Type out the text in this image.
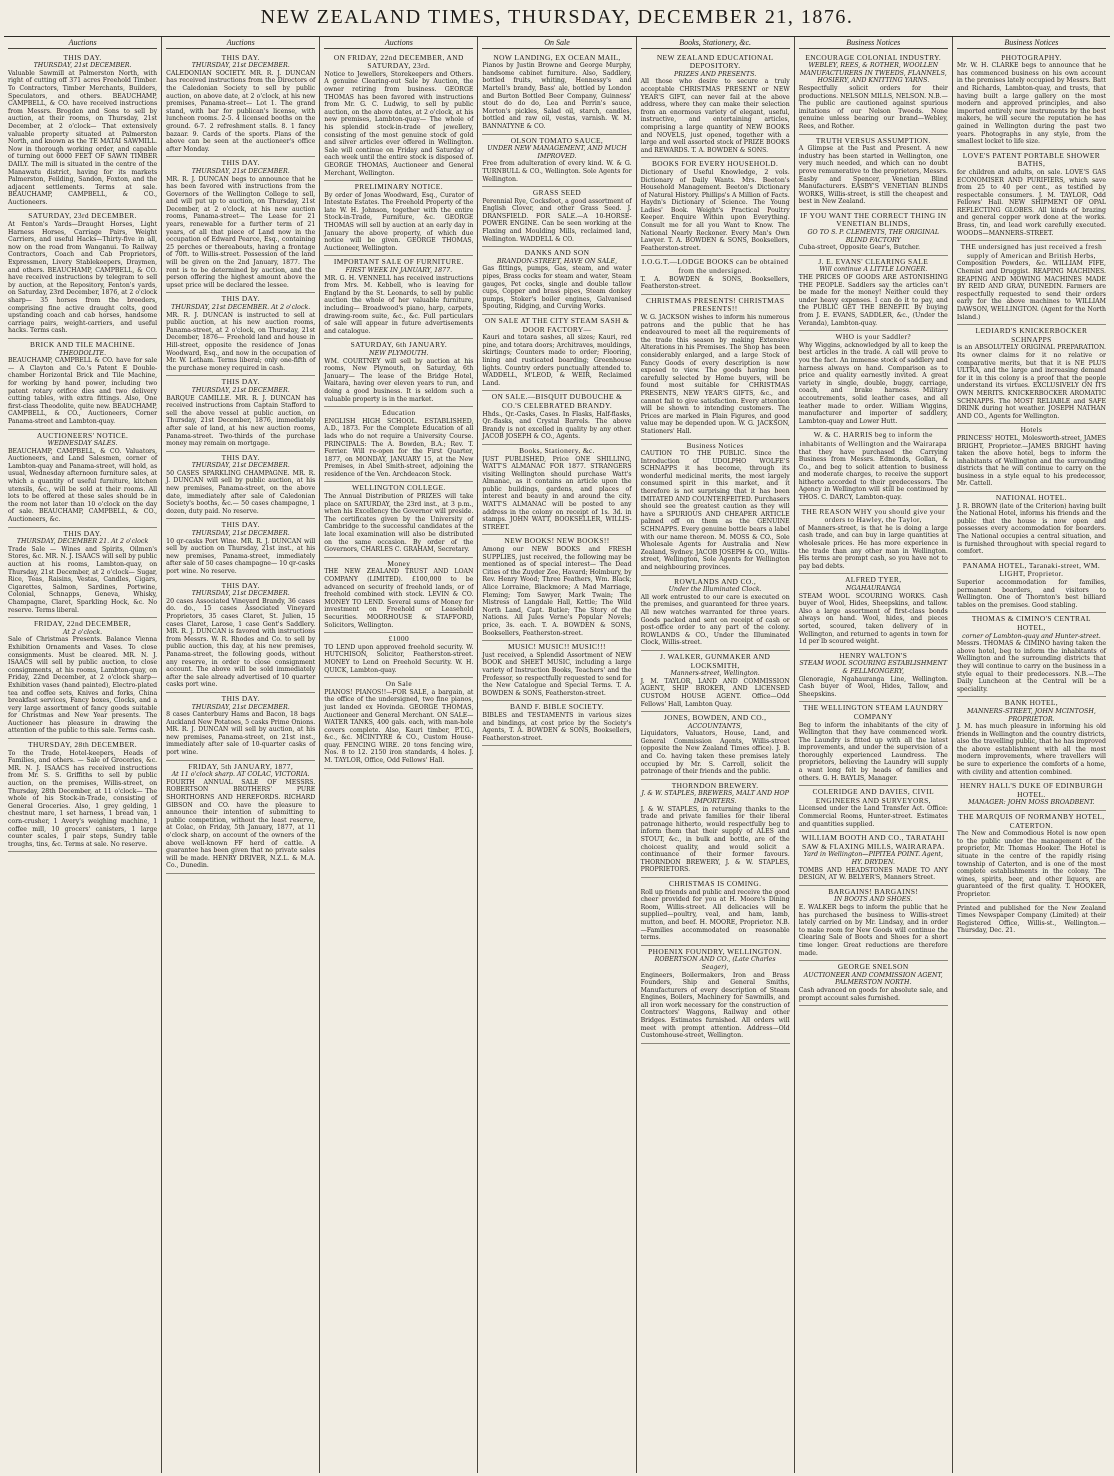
NEW ZEALAND TIMES, THURSDAY, DECEMBER 21, 1876.
Auctions
THIS DAY.
THURSDAY, 21st DECEMBER.
Valuable Sawmill at Palmerston North, with right of cutting off 371 acres Freehold Timber. To Contractors, Timber Merchants, Builders, Speculators, and others. BEAUCHAMP, CAMPBELL, & CO. have received instructions from Messrs. Brogden and Sons to sell by auction, at their rooms, on Thursday, 21st December, at 2 o'clock— That extensively valuable property situated at Palmerston North, and known as the TE MATAI SAWMILL. Now in thorough working order, and capable of turning out 6000 FEET OF SAWN TIMBER DAILY. The mill is situated in the centre of the Manawatu district, having for its markets Palmerston, Feilding, Sandon, Foxton, and the adjacent settlements. Terms at sale. BEAUCHAMP, CAMPBELL, & CO., Auctioneers.
SATURDAY, 23rd DECEMBER.
At Fenton's Yards—Draught Horses, Light Harness Horses, Carriage Pairs, Weight Carriers, and useful Hacks—Thirty-five in all, now on the road from Wanganui. To Railway Contractors, Coach and Cab Proprietors, Expressmen, Livery Stablekeepers, Draymen, and others. BEAUCHAMP, CAMPBELL, & CO. have received instructions by telegram to sell by auction, at the Repository, Fenton's yards, on Saturday, 23rd December, 1876, at 2 o'clock sharp— 35 horses from the breeders, comprising fine active draught colts, good upstanding coach and cab horses, handsome carriage pairs, weight-carriers, and useful hacks. Terms cash.
BRICK AND TILE MACHINE.
THEODOLITE.
BEAUCHAMP, CAMPBELL & CO. have for sale— A Clayton and Co.'s Patent E Double-chamber Horizontal Brick and Tile Machine, for working by hand power, including two patent rotary orifice dies and two delivery cutting tables, with extra fittings. Also, One first-class Theodolite, quite new. BEAUCHAMP, CAMPBELL, & CO., Auctioneers, Corner Panama-street and Lambton-quay.
AUCTIONEERS' NOTICE.
WEDNESDAY SALES.
BEAUCHAMP, CAMPBELL, & CO. Valuators, Auctioneers, and Land Salesmen, corner of Lambton-quay and Panama-street, will hold, as usual, Wednesday afternoon furniture sales, at which a quantity of useful furniture, kitchen utensils, &c., will be sold at their rooms. All lots to be offered at these sales should be in the room not later than 10 o'clock on the day of sale. BEAUCHAMP, CAMPBELL, & CO., Auctioneers, &c.
THIS DAY.
THURSDAY, DECEMBER 21. At 2 o'clock
Trade Sale — Wines and Spirits, Oilmen's Stores, &c. MR. N. J. ISAACS will sell by public auction at his rooms, Lambton-quay, on Thursday, 21st December, at 2 o'clock— Sugar, Rice, Teas, Raisins, Vestas, Candles, Cigars, Cigarettes, Salmon, Sardines, Portwine, Colonial, Schnapps, Geneva, Whisky, Champagne, Claret, Sparkling Hock, &c. No reserve. Terms liberal.
FRIDAY, 22nd DECEMBER,
At 2 o'clock.
Sale of Christmas Presents. Balance Vienna Exhibition Ornaments and Vases. To close consignments. Must be cleared. MR. N. J. ISAACS will sell by public auction, to close consignments, at his rooms, Lambton-quay, on Friday, 22nd December, at 2 o'clock sharp— Exhibition vases (hand painted), Electro-plated tea and coffee sets, Knives and forks, China breakfast services, Fancy boxes, Clocks, and a very large assortment of fancy goods suitable for Christmas and New Year presents. The Auctioneer has pleasure in drawing the attention of the public to this sale. Terms cash.
THURSDAY, 28th DECEMBER.
To the Trade, Hotel-keepers, Heads of Families, and others. — Sale of Groceries, &c. MR. N. J. ISAACS has received instructions from Mr. S. S. Griffiths to sell by public auction, on the premises, Willis-street, on Thursday, 28th December, at 11 o'clock— The whole of his Stock-in-Trade, consisting of General Groceries. Also, 1 grey gelding, 1 chestnut mare, 1 set harness, 1 bread van, 1 corn-crusher, 1 Avery's weighing machine, 1 coffee mill, 10 grocers' canisters, 1 large counter scales, 1 pair steps, Sundry table troughs, tins, &c. Terms at sale. No reserve.
Auctions
THIS DAY.
THURSDAY, 21st DECEMBER.
CALEDONIAN SOCIETY. MR. R. J. DUNCAN has received instructions from the Directors of the Caledonian Society to sell by public auction, on above date, at 2 o'clock, at his new premises, Panama-street— Lot 1. The grand stand, with bar for publican's license, with luncheon rooms. 2-5. 4 licensed booths on the ground. 6-7. 2 refreshment stalls. 8. 1 fancy bazaar. 9. Cards of the sports. Plans of the above can be seen at the auctioneer's office after Monday.
THIS DAY.
THURSDAY, 21st DECEMBER.
MR. R. J. DUNCAN begs to announce that he has been favored with instructions from the Governors of the Wellington College to sell, and will put up to auction, on Thursday, 21st December, at 2 o'clock, at his new auction rooms, Panama-street— The Lease for 21 years, renewable for a further term of 21 years, of all that piece of Land now in the occupation of Edward Pearce, Esq., containing 25 perches or thereabouts, having a frontage of 70ft. to Willis-street. Possession of the land will be given on the 2nd January, 1877. The rent is to be determined by auction, and the person offering the highest amount above the upset price will be declared the lessee.
THIS DAY.
THURSDAY, 21st DECEMBER. At 2 o'clock.
MR. R. J. DUNCAN is instructed to sell at public auction, at his new auction rooms, Panama-street, at 2 o'clock, on Thursday, 21st December, 1876— Freehold land and house in Hill-street, opposite the residence of Jonas Woodward, Esq., and now in the occupation of Mr. W. Letham. Terms liberal; only one-fifth of the purchase money required in cash.
THIS DAY.
THURSDAY, 21st DECEMBER.
BARQUE CAMILLE. MR. R. J. DUNCAN has received instructions from Captain Stafford to sell the above vessel at public auction, on Thursday, 21st December, 1876, immediately after sale of land, at his new auction rooms, Panama-street. Two-thirds of the purchase money may remain on mortgage.
THIS DAY.
THURSDAY, 21st DECEMBER.
50 CASES SPARKLING CHAMPAGNE. MR. R. J. DUNCAN will sell by public auction, at his new premises, Panama-street, on the above date, immediately after sale of Caledonian Society's booths, &c.— 50 cases champagne, 1 dozen, duty paid. No reserve.
THIS DAY.
THURSDAY, 21st DECEMBER.
10 qr-casks Port Wine. MR. R. J. DUNCAN will sell by auction on Thursday, 21st inst., at his new premises, Panama-street, immediately after sale of 50 cases champagne— 10 qr-casks port wine. No reserve.
THIS DAY.
THURSDAY, 21st DECEMBER.
20 cases Associated Vineyard Brandy, 36 cases do. do., 15 cases Associated Vineyard Proprietors, 35 cases Claret, St. Julien, 15 cases Claret, Larose, 1 case Gent's Saddlery. MR. R. J. DUNCAN is favored with instructions from Messrs. W. R. Rhodes and Co. to sell by public auction, this day, at his new premises, Panama-street, the following goods, without any reserve, in order to close consignment account. The above will be sold immediately after the sale already advertised of 10 quarter casks port wine.
THIS DAY.
THURSDAY, 21st DECEMBER.
8 cases Canterbury Hams and Bacon, 18 bags Auckland New Potatoes, 5 casks Prime Onions. MR. R. J. DUNCAN will sell by auction, at his new premises, Panama-street, on 21st inst., immediately after sale of 10-quarter casks of port wine.
FRIDAY, 5th JANUARY, 1877,
At 11 o'clock sharp. AT COLAC, VICTORIA.
FOURTH ANNUAL SALE OF MESSRS. ROBERTSON BROTHERS' PURE SHORTHORNS AND HEREFORDS. RICHARD GIBSON and CO. have the pleasure to announce their intention of submitting to public competition, without the least reserve, at Colac, on Friday, 5th January, 1877, at 11 o'clock sharp, on account of the owners of the above well-known FF herd of cattle. A guarantee has been given that no private sales will be made. HENRY DRIVER, N.Z.L. & M.A. Co., Dunedin.
Auctions
ON FRIDAY, 22nd DECEMBER, AND SATURDAY, 23rd.
Notice to Jewellers, Storekeepers and Others. A genuine Clearing-out Sale by Auction, the owner retiring from business. GEORGE THOMAS has been favored with instructions from Mr. G. C. Ludwig, to sell by public auction, on the above dates, at 2 o'clock, at his new premises, Lambton-quay— The whole of his splendid stock-in-trade of jewellery, consisting of the most genuine stock of gold and silver articles ever offered in Wellington. Sale will continue on Friday and Saturday of each week until the entire stock is disposed of. GEORGE THOMAS, Auctioneer and General Merchant, Wellington.
PRELIMINARY NOTICE.
By order of Jonas Woodward, Esq., Curator of Intestate Estates. The Freehold Property of the late W. H. Johnson, together with the entire Stock-in-Trade, Furniture, &c. GEORGE THOMAS will sell by auction at an early day in January the above property, of which due notice will be given. GEORGE THOMAS, Auctioneer, Wellington.
IMPORTANT SALE OF FURNITURE.
FIRST WEEK IN JANUARY, 1877.
MR. G. H. VENNELL has received instructions from Mrs. M. Kebbell, who is leaving for England by the St. Leonards, to sell by public auction the whole of her valuable furniture, including— Broadwood's piano, harp, carpets, drawing-room suite, &c., &c. Full particulars of sale will appear in future advertisements and catalogue.
SATURDAY, 6th JANUARY.
NEW PLYMOUTH.
WM. COURTNEY will sell by auction at his rooms, New Plymouth, on Saturday, 6th January— The lease of the Bridge Hotel, Waitara, having over eleven years to run, and doing a good business. It is seldom such a valuable property is in the market.
Education
ENGLISH HIGH SCHOOL. ESTABLISHED, A.D., 1873. For the Complete Education of all lads who do not require a University Course. PRINCIPALS: The A. Bowden, B.A.; Rev. T. Ferrier. Will re-open for the First Quarter, 1877, on MONDAY, JANUARY 15, at the New Premises, in Abel Smith-street, adjoining the residence of the Ven. Archdeacon Stock.
WELLINGTON COLLEGE.
The Annual Distribution of PRIZES will take place on SATURDAY, the 23rd inst., at 3 p.m., when his Excellency the Governor will preside. The certificates given by the University of Cambridge to the successful candidates at the late local examination will also be distributed on the same occasion. By order of the Governors, CHARLES C. GRAHAM, Secretary.
Money
THE NEW ZEALAND TRUST AND LOAN COMPANY (LIMITED). £100,000 to be advanced on security of freehold lands, or of freehold combined with stock. LEVIN & CO. MONEY TO LEND. Several sums of Money for investment on Freehold or Leasehold Securities. MOORHOUSE & STAFFORD, Solicitors, Wellington.
£1000
TO LEND upon approved freehold security. W. HUTCHISON, Solicitor, Featherston-street. MONEY to Lend on Freehold Security. W. H. QUICK, Lambton-quay.
On Sale
PIANOS! PIANOS!!—FOR SALE, a bargain, at the office of the undersigned, two fine pianos, just landed ex Hovinda. GEORGE THOMAS, Auctioneer and General Merchant. ON SALE—WATER TANKS, 400 gals. each, with man-hole covers complete. Also, Kauri timber, P.T.G., &c., &c. MCINTYRE & CO., Custom House-quay. FENCING WIRE. 20 tons fencing wire, Nos. 8 to 12. 2150 iron standards, 4 holes. J. M. TAYLOR, Office, Odd Fellows' Hall.
On Sale
NOW LANDING, EX OCEAN MAIL,
Pianos by Justin Browne and George Murphy, handsome cabinet furniture. Also, Saddlery, bottled fruits, whiting, Hennessy's and Martell's brandy, Bass' ale, bottled by London and Burton Bottled Beer Company, Guinness' stout do do do, Lea and Perrin's sauce, Morton's pickles, Salad oil, starch, candles, bottled and raw oil, vestas, varnish. W. M. BANNATYNE & CO.
OLSON TOMATO SAUCE,
UNDER NEW MANAGEMENT, AND MUCH IMPROVED.
Free from adulteration of every kind. W. & G. TURNBULL & CO., Wellington. Sole Agents for Wellington.
GRASS SEED
Perennial Rye, Cocksfoot, a good assortment of English Clover, and other Grass Seed. J. DRANSFIELD. FOR SALE.—A 10-HORSE-POWER ENGINE. Can be seen working at the Flaxing and Moulding Mills, reclaimed land, Wellington. WADDELL & CO.
DANKS AND SON
BRANDON-STREET, HAVE ON SALE,
Gas fittings, pumps, Gas, steam, and water pipes, Brass cocks for steam and water, Steam gauges, Pet cocks, single and double tallow cups, Copper and brass pipes, Steam donkey pumps, Stoker's boiler engines, Galvanised Spouting, Ridging, and Curving Works.
ON SALE AT THE CITY STEAM SASH & DOOR FACTORY—
Kauri and totara sashes, all sizes; Kauri, red pine, and totara doors; Architraves, mouldings, skirtings; Counters made to order; Flooring, lining and rusticated boarding; Greenhouse lights. Country orders punctually attended to. WADDELL, M'LEOD, & WEIR, Reclaimed Land.
ON SALE.—BISQUIT DUBOUCHE & CO.'S CELEBRATED BRANDY.
Hhds., Qr.-Casks, Cases. In Flasks, Half-flasks, Qr.-flasks, and Crystal Barrels. The above Brandy is not excelled in quality by any other. JACOB JOSEPH & CO., Agents.
Books, Stationery, &c.
JUST PUBLISHED, Price ONE SHILLING, WATT'S ALMANAC FOR 1877. STRANGERS visiting Wellington should purchase Watt's Almanac, as it contains an article upon the public buildings, gardens, and places of interest and beauty in and around the city. WATT'S ALMANAC will be posted to any address in the colony on receipt of 1s. 3d. in stamps. JOHN WATT, BOOKSELLER, WILLIS-STREET.
NEW BOOKS! NEW BOOKS!!
Among our NEW BOOKS and FRESH SUPPLIES, just received, the following may be mentioned as of special interest— The Dead Cities of the Zuyder Zee, Havard; Holmbury, by Rev. Henry Wood; Three Feathers, Wm. Black; Alice Lorraine, Blackmore; A Mad Marriage, Fleming; Tom Sawyer, Mark Twain; The Mistress of Langdale Hall, Kettle; The Wild North Land, Capt. Butler; The Story of the Nations. All Jules Verne's Popular Novels; price, 3s. each. T. A. BOWDEN & SONS, Booksellers, Featherston-street.
MUSIC! MUSIC!! MUSIC!!!
Just received, a Splendid Assortment of NEW BOOK and SHEET MUSIC, including a large variety of Instruction Books, Teachers' and the Professor, so respectfully requested to send for the New Catalogue and Special Terms. T. A. BOWDEN & SONS, Featherston-street.
BAND F. BIBLE SOCIETY.
BIBLES and TESTAMENTS in various sizes and bindings, at cost price by the Society's Agents, T. A. BOWDEN & SONS, Booksellers, Featherston-street.
Books, Stationery, &c.
NEW ZEALAND EDUCATIONAL DEPOSITORY.
PRIZES AND PRESENTS.
All those who desire to secure a truly acceptable CHRISTMAS PRESENT or NEW YEAR'S GIFT, can never fail at the above address, where they can make their selection from an enormous variety of elegant, useful, instructive, and entertaining articles, comprising a large quantity of NEW BOOKS and NOVELS, just opened, together with a large and well assorted stock of PRIZE BOOKS and REWARDS. T. A. BOWDEN & SONS.
BOOKS FOR EVERY HOUSEHOLD.
Dictionary of Useful Knowledge, 2 vols. Dictionary of Daily Wants. Mrs. Beeton's Household Management. Beeton's Dictionary of Natural History. Phillips's A Million of Facts. Haydn's Dictionary of Science. The Young Ladies' Book. Weight's Practical Poultry Keeper. Enquire Within upon Everything. Consult me for all you Want to Know. The National Nearly Reckoner. Every Man's Own Lawyer. T. A. BOWDEN & SONS, Booksellers, Featherston-street.
I.O.G.T.—LODGE BOOKS can be obtained from the undersigned.
T. A. BOWDEN & SONS, Booksellers, Featherston-street.
CHRISTMAS PRESENTS! CHRISTMAS PRESENTS!!
W. G. JACKSON wishes to inform his numerous patrons and the public that he has endeavoured to meet all the requirements of the trade this season by making Extensive Alterations in his Premises. The Shop has been considerably enlarged, and a large Stock of Fancy Goods of every description is now exposed to view. The goods having been carefully selected by Home buyers, will be found most suitable for CHRISTMAS PRESENTS, NEW YEAR'S GIFTS, &c., and cannot fail to give satisfaction. Every attention will be shown to intending customers. The Prices are marked in Plain Figures, and good value may be depended upon. W. G. JACKSON, Stationers' Hall.
Business Notices
CAUTION TO THE PUBLIC. Since the Introduction of UDOLPHO WOLFE'S SCHNAPPS it has become, through its wonderful medicinal merits, the most largely consumed spirit in this market, and it therefore is not surprising that it has been IMITATED AND COUNTERFEITED. Purchasers should see the greatest caution as they will have a SPURIOUS AND CHEAPER ARTICLE palmed off on them as the GENUINE SCHNAPPS. Every genuine bottle bears a label with our name thereon. M. MOSS & CO., Sole Wholesale Agents for Australia and New Zealand, Sydney. JACOB JOSEPH & CO., Willis-street, Wellington, Sole Agents for Wellington and neighbouring provinces.
ROWLANDS AND CO.,
Under the Illuminated Clock.
All work entrusted to our care is executed on the premises, and guaranteed for three years. All new watches warranted for three years. Goods packed and sent on receipt of cash or post-office order to any part of the colony. ROWLANDS & CO., Under the Illuminated Clock, Willis-street.
J. WALKER, GUNMAKER AND LOCKSMITH,
Manners-street, Wellington.
J. M. TAYLOR, LAND AND COMMISSION AGENT, SHIP BROKER, AND LICENSED CUSTOM HOUSE AGENT. Office—Odd Fellows' Hall, Lambton Quay.
JONES, BOWDEN, AND CO.,
ACCOUNTANTS,
Liquidators, Valuators, House, Land, and General Commission Agents, Willis-street (opposite the New Zealand Times office). J. B. and Co. having taken these premises lately occupied by Mr. S. Carroll, solicit the patronage of their friends and the public.
THORNDON BREWERY.
J. & W. STAPLES, BREWERS, MALT AND HOP IMPORTERS.
J. & W. STAPLES, in returning thanks to the trade and private families for their liberal patronage hitherto, would respectfully beg to inform them that their supply of ALES and STOUT, &c., in bulk and bottle, are of the choicest quality, and would solicit a continuance of their former favours. THORNDON BREWERY, J. & W. STAPLES, PROPRIETORS.
CHRISTMAS IS COMING.
Roll up friends and public and receive the good cheer provided for you at H. Moore's Dining Room, Willis-street. All delicacies will be supplied—poultry, veal, and ham, lamb, mutton, and beef. H. MOORE, Proprietor. N.B.—Families accommodated on reasonable terms.
PHOENIX FOUNDRY, WELLINGTON.
ROBERTSON AND CO., (Late Charles Seager),
Engineers, Boilermakers, Iron and Brass Founders, Ship and General Smiths, Manufacturers of every description of Steam Engines, Boilers, Machinery for Sawmills, and all iron work necessary for the construction of Contractors' Waggons, Railway and other Bridges. Estimates furnished. All orders will meet with prompt attention. Address—Old Customhouse-street, Wellington.
Business Notices
ENCOURAGE COLONIAL INDUSTRY.
WEBLEY, REES, & ROTHER, WOOLLEN MANUFACTURERS IN TWEEDS, FLANNELS, HOSIERY, AND KNITTING YARNS.
Respectfully solicit orders for their productions. NELSON MILLS, NELSON. N.B.—The public are cautioned against spurious imitations of our Nelson Tweeds. None genuine unless bearing our brand—Webley, Rees, and Rother.
TRUTH VERSUS ASSUMPTION.
A Glimpse at the Past and Present. A new industry has been started in Wellington, one very much needed, and which can no doubt prove remunerative to the proprietors, Messrs. Easby and Spencer, Venetian Blind Manufacturers. EASBY'S VENETIAN BLINDS WORKS, Willis-street, is still the cheapest and best in New Zealand.
IF YOU WANT THE CORRECT THING IN VENETIAN BLINDS,
GO TO S. P. CLEMENTS, THE ORIGINAL BLIND FACTORY
Cuba-street, Opposite Gear's, Butcher.
J. E. EVANS' CLEARING SALE
Will continue A LITTLE LONGER.
THE PRICES OF GOODS ARE ASTONISHING THE PEOPLE. Saddlers say the articles can't be made for the money! Neither could they under heavy expenses. I can do it to pay, and the PUBLIC GET THE BENEFIT. By buying from J. E. EVANS, SADDLER, &c., (Under the Veranda), Lambton-quay.
WHO is your Saddler?
Why Wiggins, acknowledged by all to keep the best articles in the trade. A call will prove to you the fact. An immense stock of saddlery and harness always on hand. Comparison as to price and quality earnestly invited. A great variety in single, double, buggy, carriage, coach, and brake harness. Military accoutrements, solid leather cases, and all leather made to order. William Wiggins, manufacturer and importer of saddlery, Lambton-quay and Lower Hutt.
W. & C. HARRIS beg to inform the inhabitants of Wellington and the Wairarapa
that they have purchased the Carrying Business from Messrs. Edmonds, Gollan, & Co., and beg to solicit attention to business and moderate charges, to receive the support hitherto accorded to their predecessors. The Agency in Wellington will still be continued by THOS. C. DARCY, Lambton-quay.
THE REASON WHY you should give your orders to Hawley, the Taylor,
of Manners-street, is that he is doing a large cash trade, and can buy in large quantities at wholesale prices. He has more experience in the trade than any other man in Wellington. His terms are prompt cash, so you have not to pay bad debts.
ALFRED TYER,
NGAHAURANGA
STEAM WOOL SCOURING WORKS. Cash buyer of Wool, Hides, Sheepskins, and tallow. Also a large assortment of first-class bonds always on hand. Wool, hides, and pieces sorted, scoured, taken delivery of in Wellington, and returned to agents in town for 1d per lb scoured weight.
HENRY WALTON'S
STEAM WOOL SCOURING ESTABLISHMENT & FELLMONGERY,
Glenoragie, Ngahauranga Line, Wellington. Cash buyer of Wool, Hides, Tallow, and Sheepskins.
THE WELLINGTON STEAM LAUNDRY COMPANY
Beg to inform the inhabitants of the city of Wellington that they have commenced work. The Laundry is fitted up with all the latest improvements, and under the supervision of a thoroughly experienced Laundress. The proprietors, believing the Laundry will supply a want long felt by heads of families and others. G. H. BAYLIS, Manager.
COLERIDGE AND DAVIES, CIVIL ENGINEERS AND SURVEYORS,
Licensed under the Land Transfer Act. Office: Commercial Rooms, Hunter-street. Estimates and quantities supplied.
WILLIAM BOOTH AND CO., TARATAHI SAW & FLAXING MILLS, WAIRARAPA.
Yard in Wellington—PIPITEA POINT. Agent, HY. DRYDEN.
TOMBS AND HEADSTONES MADE TO ANY DESIGN, AT W. BELYER'S, Manners Street.
BARGAINS! BARGAINS!
IN BOOTS AND SHOES.
E. WALKER begs to inform the public that he has purchased the business to Willis-street lately carried on by Mr. Lindsay, and in order to make room for New Goods will continue the Clearing Sale of Boots and Shoes for a short time longer. Great reductions are therefore made.
GEORGE SNELSON
AUCTIONEER AND COMMISSION AGENT, PALMERSTON NORTH.
Cash advanced on goods for absolute sale, and prompt account sales furnished.
Business Notices
PHOTOGRAPHY.
Mr. W. H. CLARKE begs to announce that he has commenced business on his own account in the premises lately occupied by Messrs. Batt and Richards, Lambton-quay, and trusts, that having built a large gallery on the most modern and approved principles, and also imported entirely new instruments by the best makers, he will secure the reputation he has gained in Wellington during the past two years. Photographs in any style, from the smallest locket to life size.
LOVE'S PATENT PORTABLE SHOWER BATHS,
for children and adults, on sale. LOVE'S GAS ECONOMISER AND PURIFIERS, which save from 25 to 40 per cent., as testified by respectable consumers. J. M. TAYLOR, Odd Fellows' Hall. NEW SHIPMENT OF OPAL REFLECTING GLOBES. All kinds of brazing and general copper work done at the works. Brass, tin, and lead work carefully executed. WOODS—MANNERS-STREET.
THE undersigned has just received a fresh supply of American and British Herbs,
Composition Powders, &c. WILLIAM FIFE, Chemist and Druggist. REAPING MACHINES. REAPING AND MOWING MACHINES MADE BY REID AND GRAY, DUNEDIN. Farmers are respectfully requested to send their orders early for the above machines to WILLIAM DAWSON, WELLINGTON. (Agent for the North Island.)
LEDIARD'S KNICKERBOCKER SCHNAPPS
is an ABSOLUTELY ORIGINAL PREPARATION. Its owner claims for it no relative or comparative merits, but that it is NE PLUS ULTRA, and the large and increasing demand for it in this colony is a proof that the people understand its virtues. EXCLUSIVELY ON ITS OWN MERITS. KNICKERBOCKER AROMATIC SCHNAPPS. The MOST RELIABLE and SAFE DRINK during hot weather. JOSEPH NATHAN AND CO., Agents for Wellington.
Hotels
PRINCESS' HOTEL, Molesworth-street, JAMES BRIGHT, Proprietor.—JAMES BRIGHT having taken the above hotel, begs to inform the inhabitants of Wellington and the surrounding districts that he will continue to carry on the business in a style equal to his predecessor, Mr. Cattell.
NATIONAL HOTEL.
J. R. BROWN (late of the Criterion) having built the National Hotel, informs his friends and the public that the house is now open and possesses every accommodation for boarders. The National occupies a central situation, and is furnished throughout with special regard to comfort.
PANAMA HOTEL, Taranaki-street, WM. LIGHT, Proprietor.
Superior accommodation for families, permanent boarders, and visitors to Wellington. One of Thornton's best billiard tables on the premises. Good stabling.
THOMAS & CIMINO'S CENTRAL HOTEL,
corner of Lambton-quay and Hunter-street.
Messrs. THOMAS & CIMINO having taken the above hotel, beg to inform the inhabitants of Wellington and the surrounding districts that they will continue to carry on the business in a style equal to their predecessors. N.B.—The Daily Luncheon at the Central will be a speciality.
BANK HOTEL,
MANNERS-STREET, JOHN MCINTOSH, PROPRIETOR.
J. M. has much pleasure in informing his old friends in Wellington and the country districts, also the travelling public, that he has improved the above establishment with all the most modern improvements, where travellers will be sure to experience the comforts of a home, with civility and attention combined.
HENRY HALL'S DUKE OF EDINBURGH HOTEL.
MANAGER: JOHN MOSS BROADBENT.
THE MARQUIS OF NORMANBY HOTEL, CATERTON.
The New and Commodious Hotel is now open to the public under the management of the proprietor, Mr. Thomas Hooker. The Hotel is situate in the centre of the rapidly rising township of Caterton, and is one of the most complete establishments in the colony. The wines, spirits, beer, and other liquors, are guaranteed of the first quality. T. HOOKER, Proprietor.
Printed and published for the New Zealand Times Newspaper Company (Limited) at their Registered Office, Willis-st., Wellington.—Thursday, Dec. 21.
